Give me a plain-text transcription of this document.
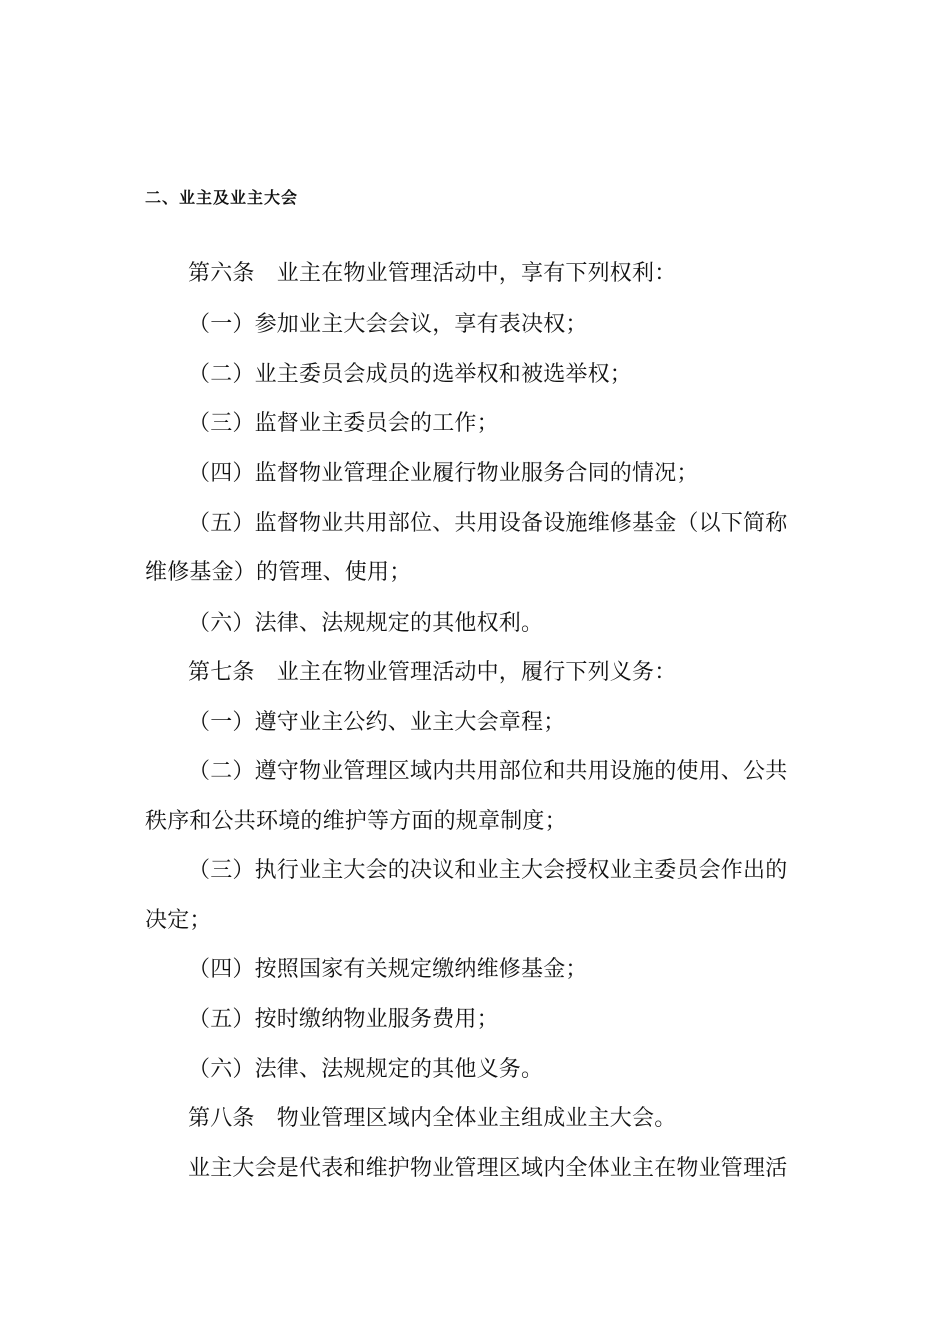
二、业主及业主大会
第六条　业主在物业管理活动中，享有下列权利：
（一）参加业主大会会议，享有表决权；
（二）业主委员会成员的选举权和被选举权；
（三）监督业主委员会的工作；
（四）监督物业管理企业履行物业服务合同的情况；
（五）监督物业共用部位、共用设备设施维修基金（以下简称
维修基金）的管理、使用；
（六）法律、法规规定的其他权利。
第七条　业主在物业管理活动中，履行下列义务：
（一）遵守业主公约、业主大会章程；
（二）遵守物业管理区域内共用部位和共用设施的使用、公共
秩序和公共环境的维护等方面的规章制度；
（三）执行业主大会的决议和业主大会授权业主委员会作出的
决定；
（四）按照国家有关规定缴纳维修基金；
（五）按时缴纳物业服务费用；
（六）法律、法规规定的其他义务。
第八条　物业管理区域内全体业主组成业主大会。
业主大会是代表和维护物业管理区域内全体业主在物业管理活
